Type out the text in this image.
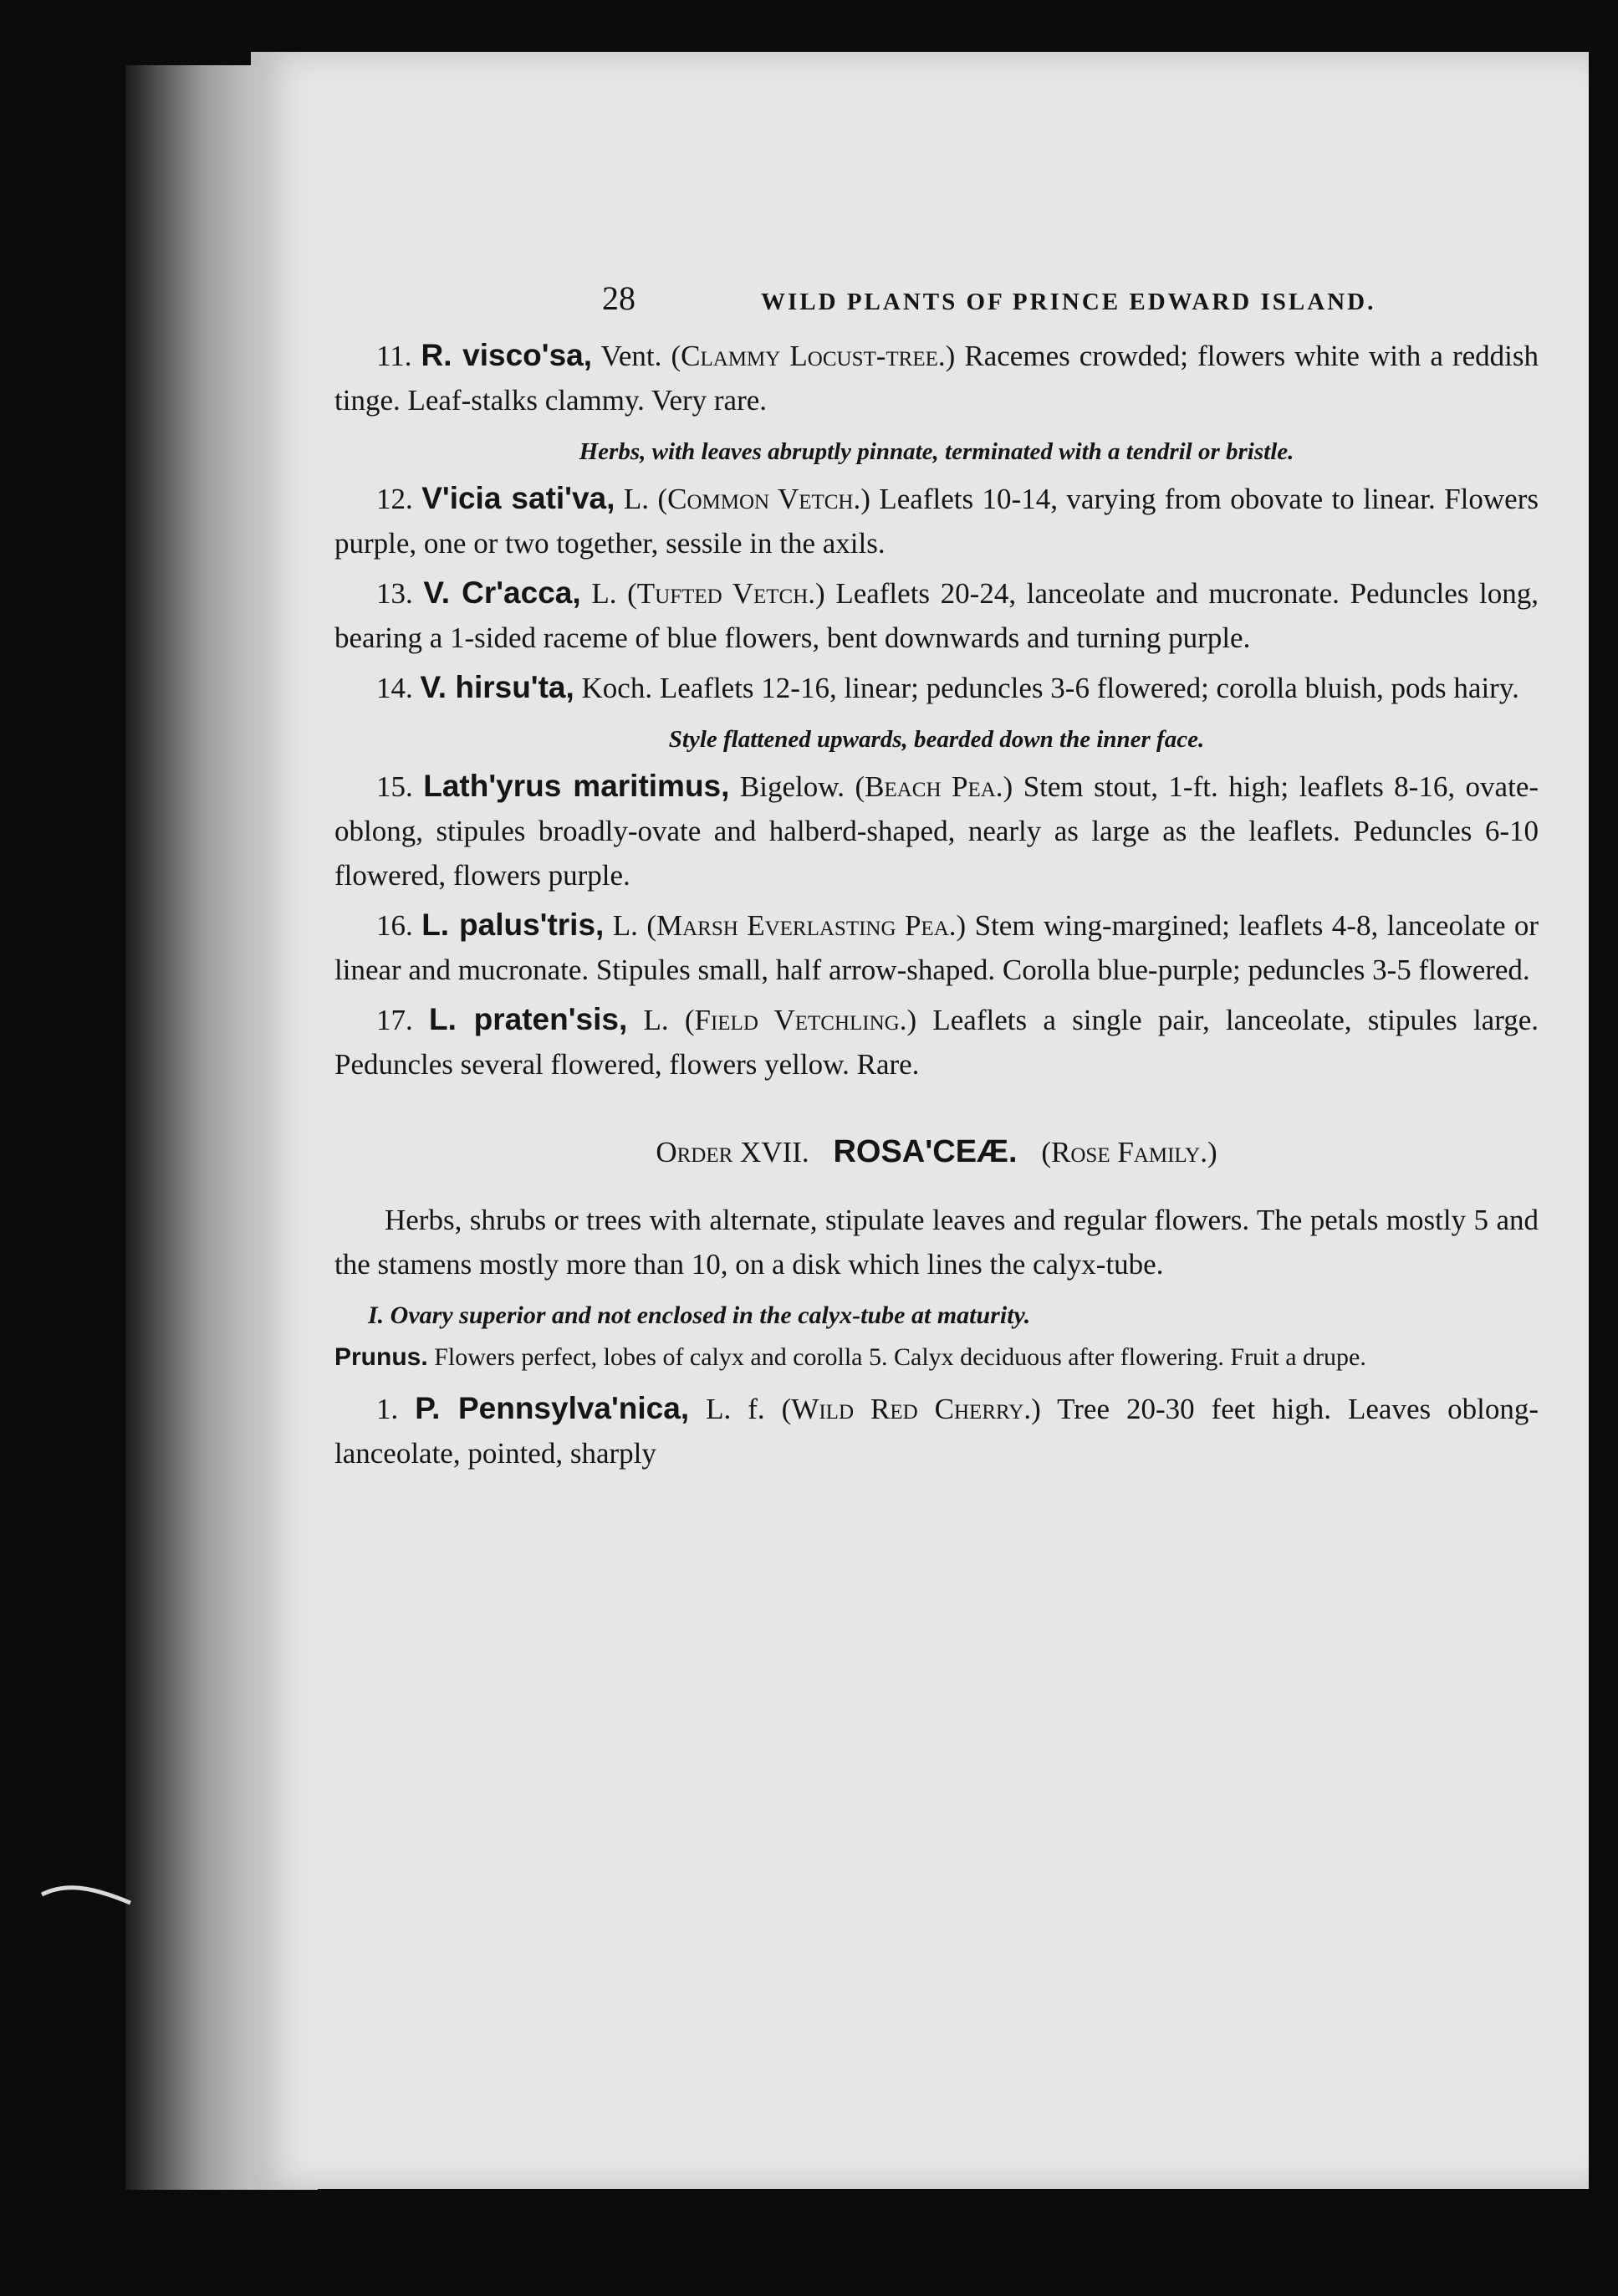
28	WILD PLANTS OF PRINCE EDWARD ISLAND.
11. R. visco'sa, Vent. (Clammy Locust-tree.) Racemes crowded; flowers white with a reddish tinge. Leaf-stalks clammy. Very rare.
Herbs, with leaves abruptly pinnate, terminated with a tendril or bristle.
12. V'icia sati'va, L. (Common Vetch.) Leaflets 10-14, varying from obovate to linear. Flowers purple, one or two together, sessile in the axils.
13. V. Cr'acca, L. (Tufted Vetch.) Leaflets 20-24, lanceolate and mucronate. Peduncles long, bearing a 1-sided raceme of blue flowers, bent downwards and turning purple.
14. V. hirsu'ta, Koch. Leaflets 12-16, linear; peduncles 3-6 flowered; corolla bluish, pods hairy.
Style flattened upwards, bearded down the inner face.
15. Lath'yrus maritimus, Bigelow. (Beach Pea.) Stem stout, 1-ft. high; leaflets 8-16, ovate-oblong, stipules broadly-ovate and halberd-shaped, nearly as large as the leaflets. Peduncles 6-10 flowered, flowers purple.
16. L. palus'tris, L. (Marsh Everlasting Pea.) Stem wing-margined; leaflets 4-8, lanceolate or linear and mucronate. Stipules small, half arrow-shaped. Corolla blue-purple; peduncles 3-5 flowered.
17. L. praten'sis, L. (Field Vetchling.) Leaflets a single pair, lanceolate, stipules large. Peduncles several flowered, flowers yellow. Rare.
Order XVII. ROSA'CEÆ. (Rose Family.)
Herbs, shrubs or trees with alternate, stipulate leaves and regular flowers. The petals mostly 5 and the stamens mostly more than 10, on a disk which lines the calyx-tube.
I. Ovary superior and not enclosed in the calyx-tube at maturity.
Prunus. Flowers perfect, lobes of calyx and corolla 5. Calyx deciduous after flowering. Fruit a drupe.
1. P. Pennsylva'nica, L. f. (Wild Red Cherry.) Tree 20-30 feet high. Leaves oblong-lanceolate, pointed, sharply
